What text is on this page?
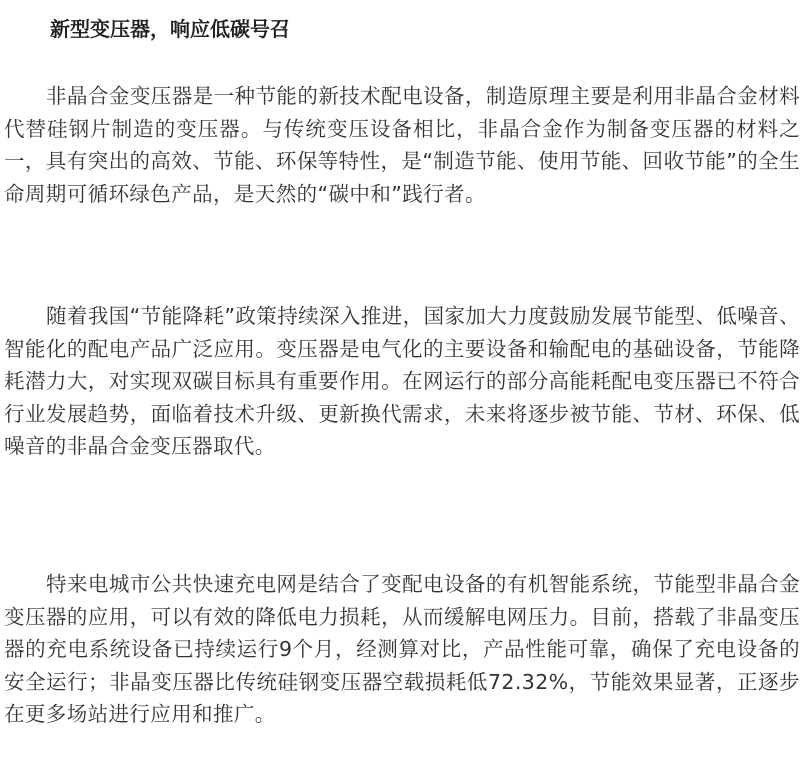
新型变压器，响应低碳号召

非晶合金变压器是一种节能的新技术配电设备，制造原理主要是利用非晶合金材料代替硅钢片制造的变压器。与传统变压设备相比，非晶合金作为制备变压器的材料之一，具有突出的高效、节能、环保等特性，是“制造节能、使用节能、回收节能”的全生命周期可循环绿色产品，是天然的“碳中和”践行者。

随着我国“节能降耗”政策持续深入推进，国家加大力度鼓励发展节能型、低噪音、智能化的配电产品广泛应用。变压器是电气化的主要设备和输配电的基础设备，节能降耗潜力大，对实现双碳目标具有重要作用。在网运行的部分高能耗配电变压器已不符合行业发展趋势，面临着技术升级、更新换代需求，未来将逐步被节能、节材、环保、低噪音的非晶合金变压器取代。

特来电城市公共快速充电网是结合了变配电设备的有机智能系统，节能型非晶合金变压器的应用，可以有效的降低电力损耗，从而缓解电网压力。目前，搭载了非晶变压器的充电系统设备已持续运行9个月，经测算对比，产品性能可靠，确保了充电设备的安全运行；非晶变压器比传统硅钢变压器空载损耗低72.32%，节能效果显著，正逐步在更多场站进行应用和推广。
